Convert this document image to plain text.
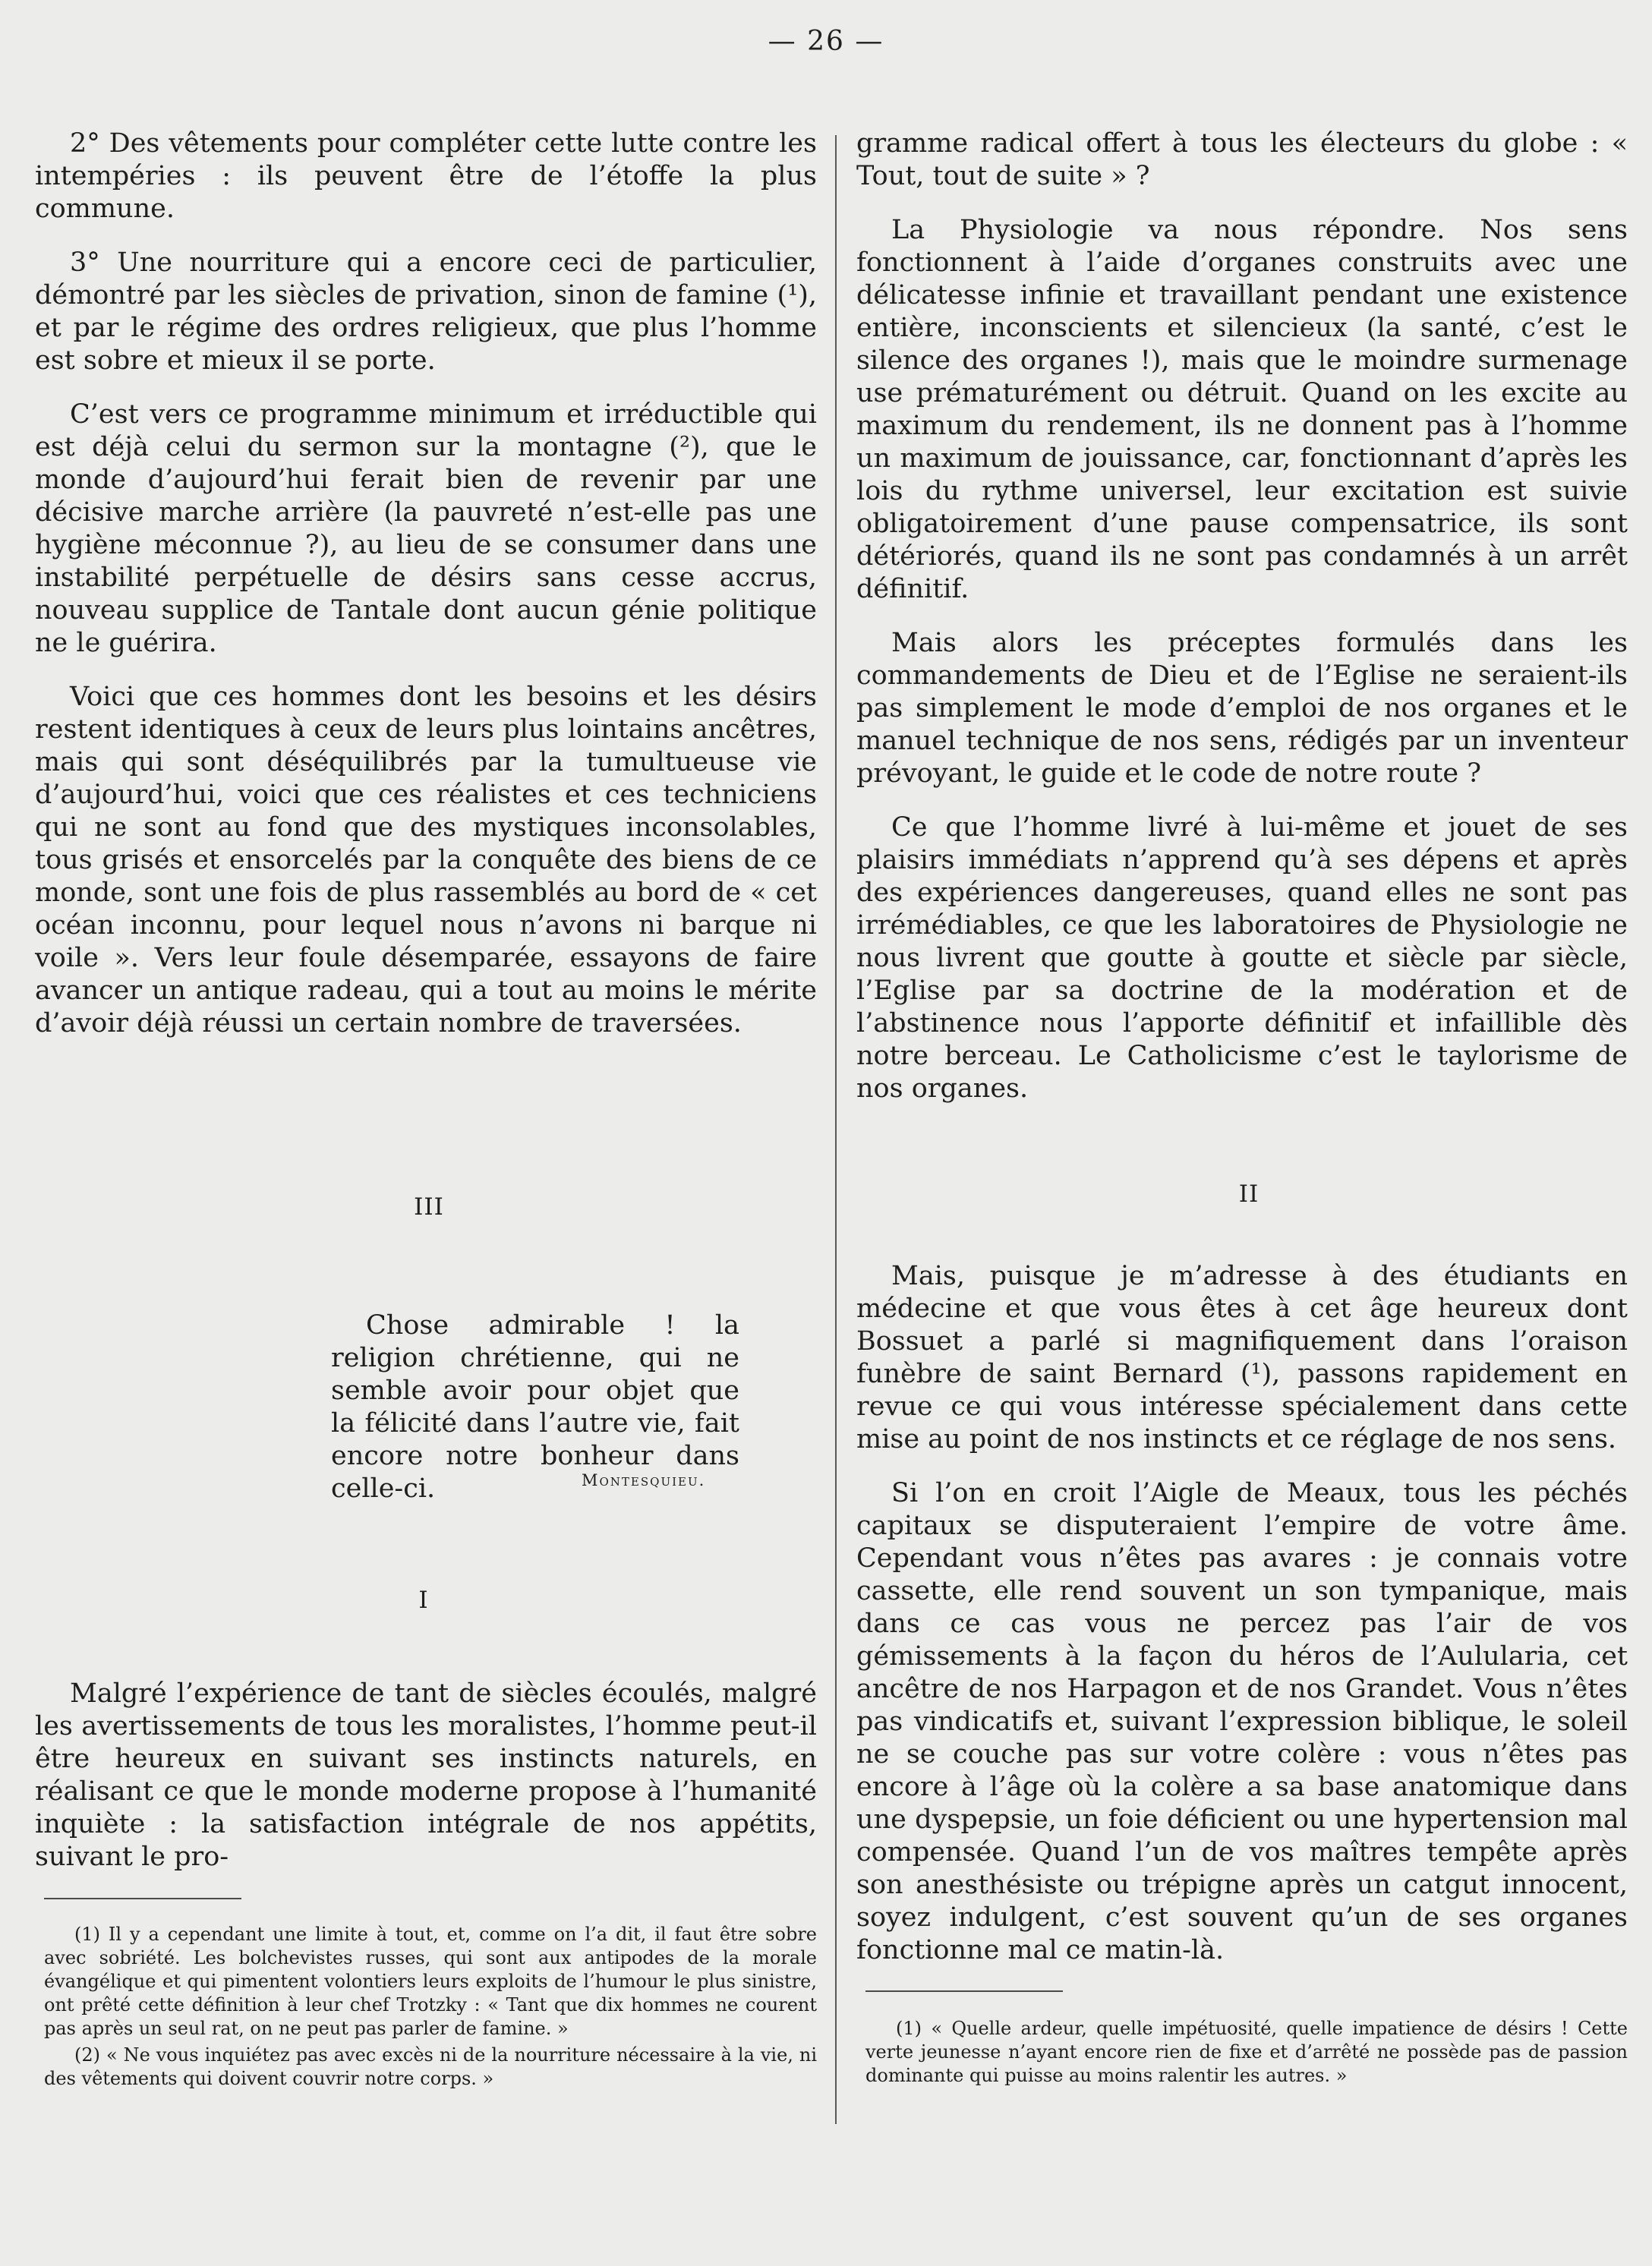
— 26 —

2° Des vêtements pour compléter cette lutte contre les intempéries : ils peuvent être de l’étoffe la plus commune.

3° Une nourriture qui a encore ceci de particulier, démontré par les siècles de privation, sinon de famine (¹), et par le régime des ordres religieux, que plus l’homme est sobre et mieux il se porte.

C’est vers ce programme minimum et irréductible qui est déjà celui du sermon sur la montagne (²), que le monde d’aujourd’hui ferait bien de revenir par une décisive marche arrière (la pauvreté n’est-elle pas une hygiène méconnue ?), au lieu de se consumer dans une instabilité perpétuelle de désirs sans cesse accrus, nouveau supplice de Tantale dont aucun génie politique ne le guérira.

Voici que ces hommes dont les besoins et les désirs restent identiques à ceux de leurs plus lointains ancêtres, mais qui sont déséquilibrés par la tumultueuse vie d’aujourd’hui, voici que ces réalistes et ces techniciens qui ne sont au fond que des mystiques inconsolables, tous grisés et ensorcelés par la conquête des biens de ce monde, sont une fois de plus rassemblés au bord de « cet océan inconnu, pour lequel nous n’avons ni barque ni voile ». Vers leur foule désemparée, essayons de faire avancer un antique radeau, qui a tout au moins le mérite d’avoir déjà réussi un certain nombre de traversées.

III
Chose admirable ! la religion chrétienne, qui ne semble avoir pour objet que la félicité dans l’autre vie, fait encore notre bonheur dans celle-ci.	Montesquieu.
I

Malgré l’expérience de tant de siècles écoulés, malgré les avertissements de tous les moralistes, l’homme peut-il être heureux en suivant ses instincts naturels, en réalisant ce que le monde moderne propose à l’humanité inquiète : la satisfaction intégrale de nos appétits, suivant le pro-

(1) Il y a cependant une limite à tout, et, comme on l’a dit, il faut être sobre avec sobriété. Les bolchevistes russes, qui sont aux antipodes de la morale évangélique et qui pimentent volontiers leurs exploits de l’humour le plus sinistre, ont prêté cette définition à leur chef Trotzky : « Tant que dix hommes ne courent pas après un seul rat, on ne peut pas parler de famine. »

(2) « Ne vous inquiétez pas avec excès ni de la nourriture nécessaire à la vie, ni des vêtements qui doivent couvrir notre corps. »

gramme radical offert à tous les électeurs du globe : « Tout, tout de suite » ?

La Physiologie va nous répondre. Nos sens fonctionnent à l’aide d’organes construits avec une délicatesse infinie et travaillant pendant une existence entière, inconscients et silencieux (la santé, c’est le silence des organes !), mais que le moindre surmenage use prématurément ou détruit. Quand on les excite au maximum du rendement, ils ne donnent pas à l’homme un maximum de jouissance, car, fonctionnant d’après les lois du rythme universel, leur excitation est suivie obligatoirement d’une pause compensatrice, ils sont détériorés, quand ils ne sont pas condamnés à un arrêt définitif.

Mais alors les préceptes formulés dans les commandements de Dieu et de l’Eglise ne seraient-ils pas simplement le mode d’emploi de nos organes et le manuel technique de nos sens, rédigés par un inventeur prévoyant, le guide et le code de notre route ?

Ce que l’homme livré à lui-même et jouet de ses plaisirs immédiats n’apprend qu’à ses dépens et après des expériences dangereuses, quand elles ne sont pas irrémédiables, ce que les laboratoires de Physiologie ne nous livrent que goutte à goutte et siècle par siècle, l’Eglise par sa doctrine de la modération et de l’abstinence nous l’apporte définitif et infaillible dès notre berceau. Le Catholicisme c’est le taylorisme de nos organes.

II

Mais, puisque je m’adresse à des étudiants en médecine et que vous êtes à cet âge heureux dont Bossuet a parlé si magnifiquement dans l’oraison funèbre de saint Bernard (¹), passons rapidement en revue ce qui vous intéresse spécialement dans cette mise au point de nos instincts et ce réglage de nos sens.

Si l’on en croit l’Aigle de Meaux, tous les péchés capitaux se disputeraient l’empire de votre âme. Cependant vous n’êtes pas avares : je connais votre cassette, elle rend souvent un son tympanique, mais dans ce cas vous ne percez pas l’air de vos gémissements à la façon du héros de l’Aulularia, cet ancêtre de nos Harpagon et de nos Grandet. Vous n’êtes pas vindicatifs et, suivant l’expression biblique, le soleil ne se couche pas sur votre colère : vous n’êtes pas encore à l’âge où la colère a sa base anatomique dans une dyspepsie, un foie déficient ou une hypertension mal compensée. Quand l’un de vos maîtres tempête après son anesthésiste ou trépigne après un catgut innocent, soyez indulgent, c’est souvent qu’un de ses organes fonctionne mal ce matin-là.

(1) « Quelle ardeur, quelle impétuosité, quelle impatience de désirs ! Cette verte jeunesse n’ayant encore rien de fixe et d’arrêté ne possède pas de passion dominante qui puisse au moins ralentir les autres. »
